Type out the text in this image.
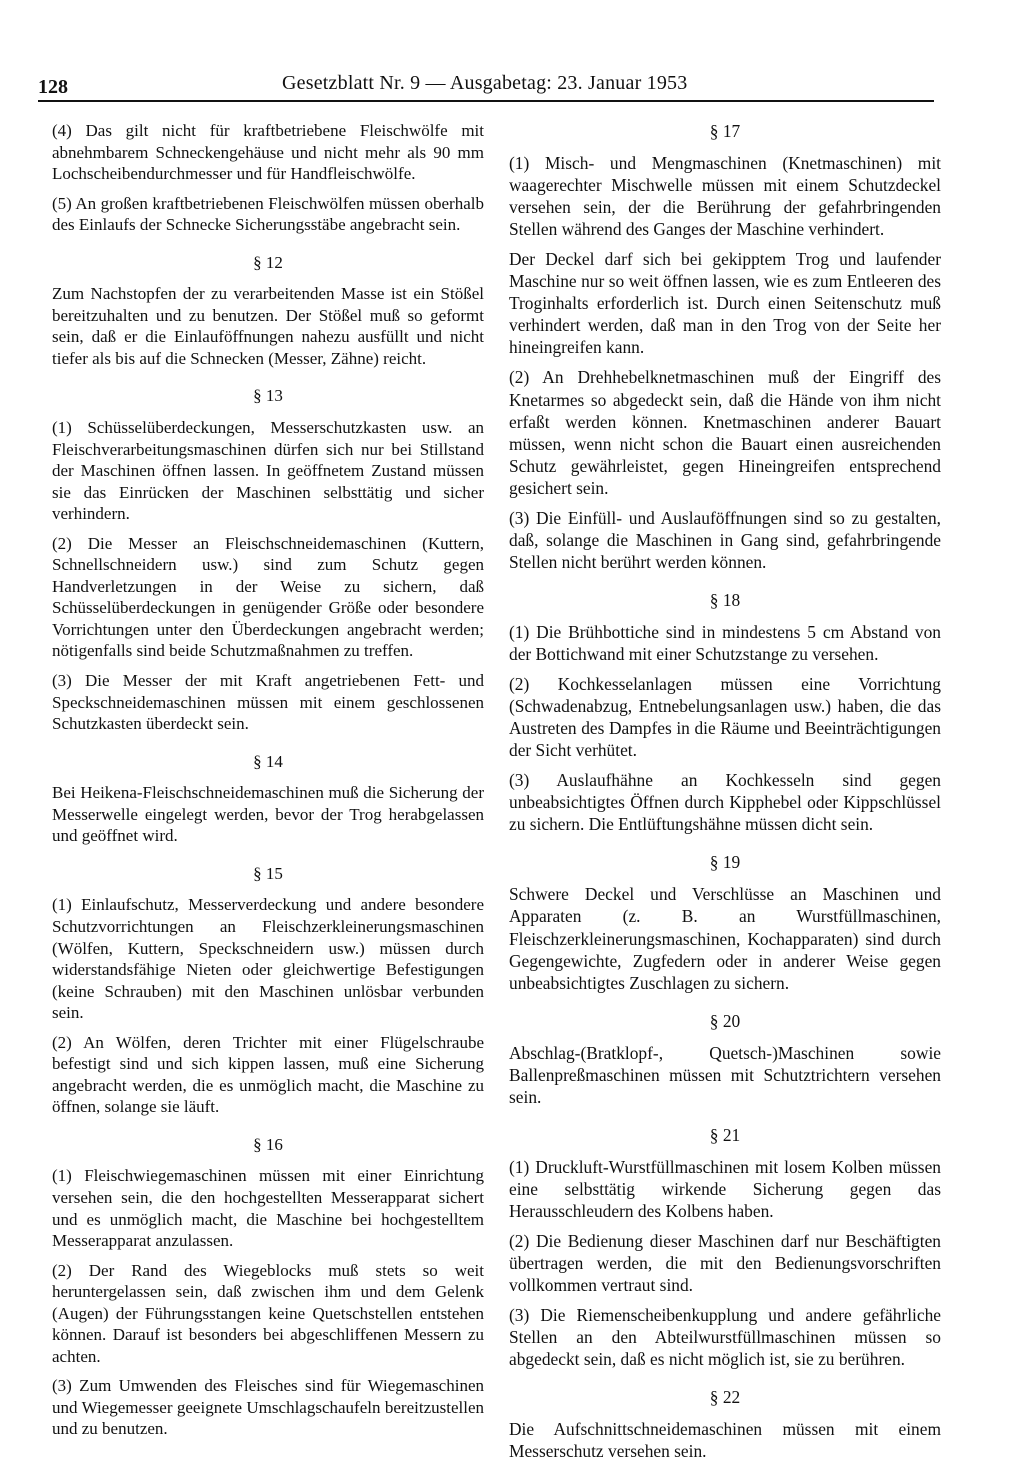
128	Gesetzblatt Nr. 9 — Ausgabetag: 23. Januar 1953

(4) Das gilt nicht für kraftbetriebene Fleischwölfe mit abnehmbarem Schneckengehäuse und nicht mehr als 90 mm Lochscheibendurchmesser und für Handfleischwölfe.

(5) An großen kraftbetriebenen Fleischwölfen müssen oberhalb des Einlaufs der Schnecke Sicherungsstäbe angebracht sein.

§ 12

Zum Nachstopfen der zu verarbeitenden Masse ist ein Stößel bereitzuhalten und zu benutzen. Der Stößel muß so geformt sein, daß er die Einlauföffnungen nahezu ausfüllt und nicht tiefer als bis auf die Schnecken (Messer, Zähne) reicht.

§ 13

(1) Schüsselüberdeckungen, Messerschutzkasten usw. an Fleischverarbeitungsmaschinen dürfen sich nur bei Stillstand der Maschinen öffnen lassen. In geöffnetem Zustand müssen sie das Einrücken der Maschinen selbsttätig und sicher verhindern.

(2) Die Messer an Fleischschneidemaschinen (Kuttern, Schnellschneidern usw.) sind zum Schutz gegen Handverletzungen in der Weise zu sichern, daß Schüsselüberdeckungen in genügender Größe oder besondere Vorrichtungen unter den Überdeckungen angebracht werden; nötigenfalls sind beide Schutzmaßnahmen zu treffen.

(3) Die Messer der mit Kraft angetriebenen Fett- und Speckschneidemaschinen müssen mit einem geschlossenen Schutzkasten überdeckt sein.

§ 14

Bei Heikena-Fleischschneidemaschinen muß die Sicherung der Messerwelle eingelegt werden, bevor der Trog herabgelassen und geöffnet wird.

§ 15

(1) Einlaufschutz, Messerverdeckung und andere besondere Schutzvorrichtungen an Fleischzerkleinerungsmaschinen (Wölfen, Kuttern, Speckschneidern usw.) müssen durch widerstandsfähige Nieten oder gleichwertige Befestigungen (keine Schrauben) mit den Maschinen unlösbar verbunden sein.

(2) An Wölfen, deren Trichter mit einer Flügelschraube befestigt sind und sich kippen lassen, muß eine Sicherung angebracht werden, die es unmöglich macht, die Maschine zu öffnen, solange sie läuft.

§ 16

(1) Fleischwiegemaschinen müssen mit einer Einrichtung versehen sein, die den hochgestellten Messerapparat sichert und es unmöglich macht, die Maschine bei hochgestelltem Messerapparat anzulassen.

(2) Der Rand des Wiegeblocks muß stets so weit heruntergelassen sein, daß zwischen ihm und dem Gelenk (Augen) der Führungsstangen keine Quetschstellen entstehen können. Darauf ist besonders bei abgeschliffenen Messern zu achten.

(3) Zum Umwenden des Fleisches sind für Wiegemaschinen und Wiegemesser geeignete Umschlagschaufeln bereitzustellen und zu benutzen.

§ 17

(1) Misch- und Mengmaschinen (Knetmaschinen) mit waagerechter Mischwelle müssen mit einem Schutzdeckel versehen sein, der die Berührung der gefahrbringenden Stellen während des Ganges der Maschine verhindert.

Der Deckel darf sich bei gekipptem Trog und laufender Maschine nur so weit öffnen lassen, wie es zum Entleeren des Troginhalts erforderlich ist. Durch einen Seitenschutz muß verhindert werden, daß man in den Trog von der Seite her hineingreifen kann.

(2) An Drehhebelknetmaschinen muß der Eingriff des Knetarmes so abgedeckt sein, daß die Hände von ihm nicht erfaßt werden können. Knetmaschinen anderer Bauart müssen, wenn nicht schon die Bauart einen ausreichenden Schutz gewährleistet, gegen Hineingreifen entsprechend gesichert sein.

(3) Die Einfüll- und Auslauföffnungen sind so zu gestalten, daß, solange die Maschinen in Gang sind, gefahrbringende Stellen nicht berührt werden können.

§ 18

(1) Die Brühbottiche sind in mindestens 5 cm Abstand von der Bottichwand mit einer Schutzstange zu versehen.

(2) Kochkesselanlagen müssen eine Vorrichtung (Schwadenabzug, Entnebelungsanlagen usw.) haben, die das Austreten des Dampfes in die Räume und Beeinträchtigungen der Sicht verhütet.

(3) Auslaufhähne an Kochkesseln sind gegen unbeabsichtigtes Öffnen durch Kipphebel oder Kippschlüssel zu sichern. Die Entlüftungshähne müssen dicht sein.

§ 19

Schwere Deckel und Verschlüsse an Maschinen und Apparaten (z. B. an Wurstfüllmaschinen, Fleischzerkleinerungsmaschinen, Kochapparaten) sind durch Gegengewichte, Zugfedern oder in anderer Weise gegen unbeabsichtigtes Zuschlagen zu sichern.

§ 20

Abschlag-(Bratklopf-, Quetsch-)Maschinen sowie Ballenpreßmaschinen müssen mit Schutztrichtern versehen sein.

§ 21

(1) Druckluft-Wurstfüllmaschinen mit losem Kolben müssen eine selbsttätig wirkende Sicherung gegen das Herausschleudern des Kolbens haben.

(2) Die Bedienung dieser Maschinen darf nur Beschäftigten übertragen werden, die mit den Bedienungsvorschriften vollkommen vertraut sind.

(3) Die Riemenscheibenkupplung und andere gefährliche Stellen an den Abteilwurstfüllmaschinen müssen so abgedeckt sein, daß es nicht möglich ist, sie zu berühren.

§ 22

Die Aufschnittschneidemaschinen müssen mit einem Messerschutz versehen sein.
